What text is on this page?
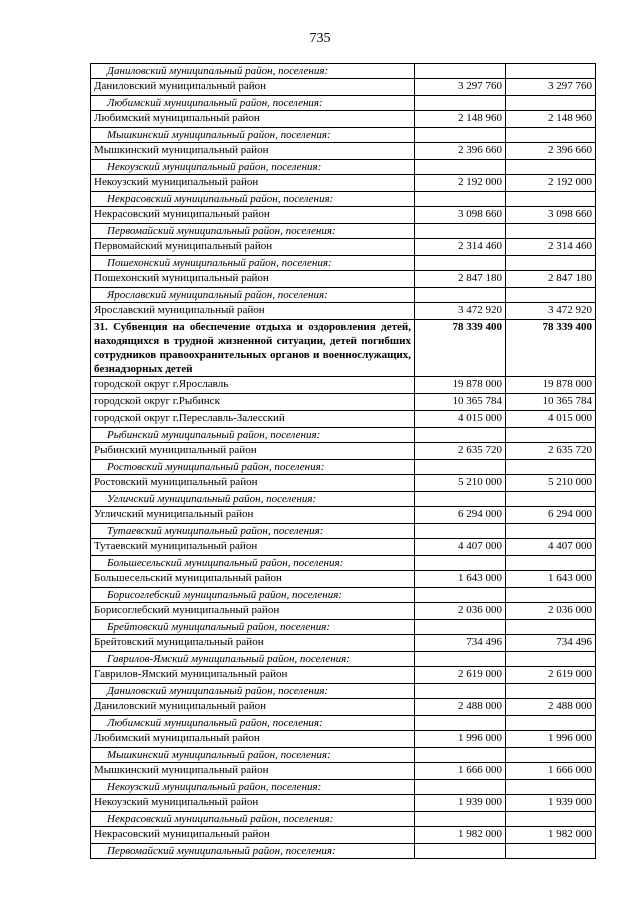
735
Даниловский муниципальный район, поселения:		
Даниловский муниципальный район	3 297 760	3 297 760
Любимский муниципальный район, поселения:		
Любимский муниципальный район	2 148 960	2 148 960
Мышкинский муниципальный район, поселения:		
Мышкинский муниципальный район	2 396 660	2 396 660
Некоузский муниципальный район, поселения:		
Некоузский муниципальный район	2 192 000	2 192 000
Некрасовский муниципальный район, поселения:		
Некрасовский муниципальный район	3 098 660	3 098 660
Первомайский муниципальный район, поселения:		
Первомайский муниципальный район	2 314 460	2 314 460
Пошехонский муниципальный район, поселения:		
Пошехонский муниципальный район	2 847 180	2 847 180
Ярославский муниципальный район, поселения:		
Ярославский муниципальный район	3 472 920	3 472 920
31. Субвенция на обеспечение отдыха и оздоровления детей, находящихся в трудной жизненной ситуации, детей погибших сотрудников правоохранительных органов и военнослужащих, безнадзорных детей	78 339 400	78 339 400
городской округ г.Ярославль	19 878 000	19 878 000
городской округ г.Рыбинск	10 365 784	10 365 784
городской округ г.Переславль-Залесский	4 015 000	4 015 000
Рыбинский муниципальный район, поселения:		
Рыбинский муниципальный район	2 635 720	2 635 720
Ростовский муниципальный район, поселения:		
Ростовский муниципальный район	5 210 000	5 210 000
Угличский муниципальный район, поселения:		
Угличский муниципальный район	6 294 000	6 294 000
Тутаевский муниципальный район, поселения:		
Тутаевский муниципальный район	4 407 000	4 407 000
Большесельский муниципальный район, поселения:		
Большесельский муниципальный район	1 643 000	1 643 000
Борисоглебский муниципальный район, поселения:		
Борисоглебский муниципальный район	2 036 000	2 036 000
Брейтовский муниципальный район, поселения:		
Брейтовский муниципальный район	734 496	734 496
Гаврилов-Ямский муниципальный район, поселения:		
Гаврилов-Ямский муниципальный район	2 619 000	2 619 000
Даниловский муниципальный район, поселения:		
Даниловский муниципальный район	2 488 000	2 488 000
Любимский муниципальный район, поселения:		
Любимский муниципальный район	1 996 000	1 996 000
Мышкинский муниципальный район, поселения:		
Мышкинский муниципальный район	1 666 000	1 666 000
Некоузский муниципальный район, поселения:		
Некоузский муниципальный район	1 939 000	1 939 000
Некрасовский муниципальный район, поселения:		
Некрасовский муниципальный район	1 982 000	1 982 000
Первомайский муниципальный район, поселения:		
